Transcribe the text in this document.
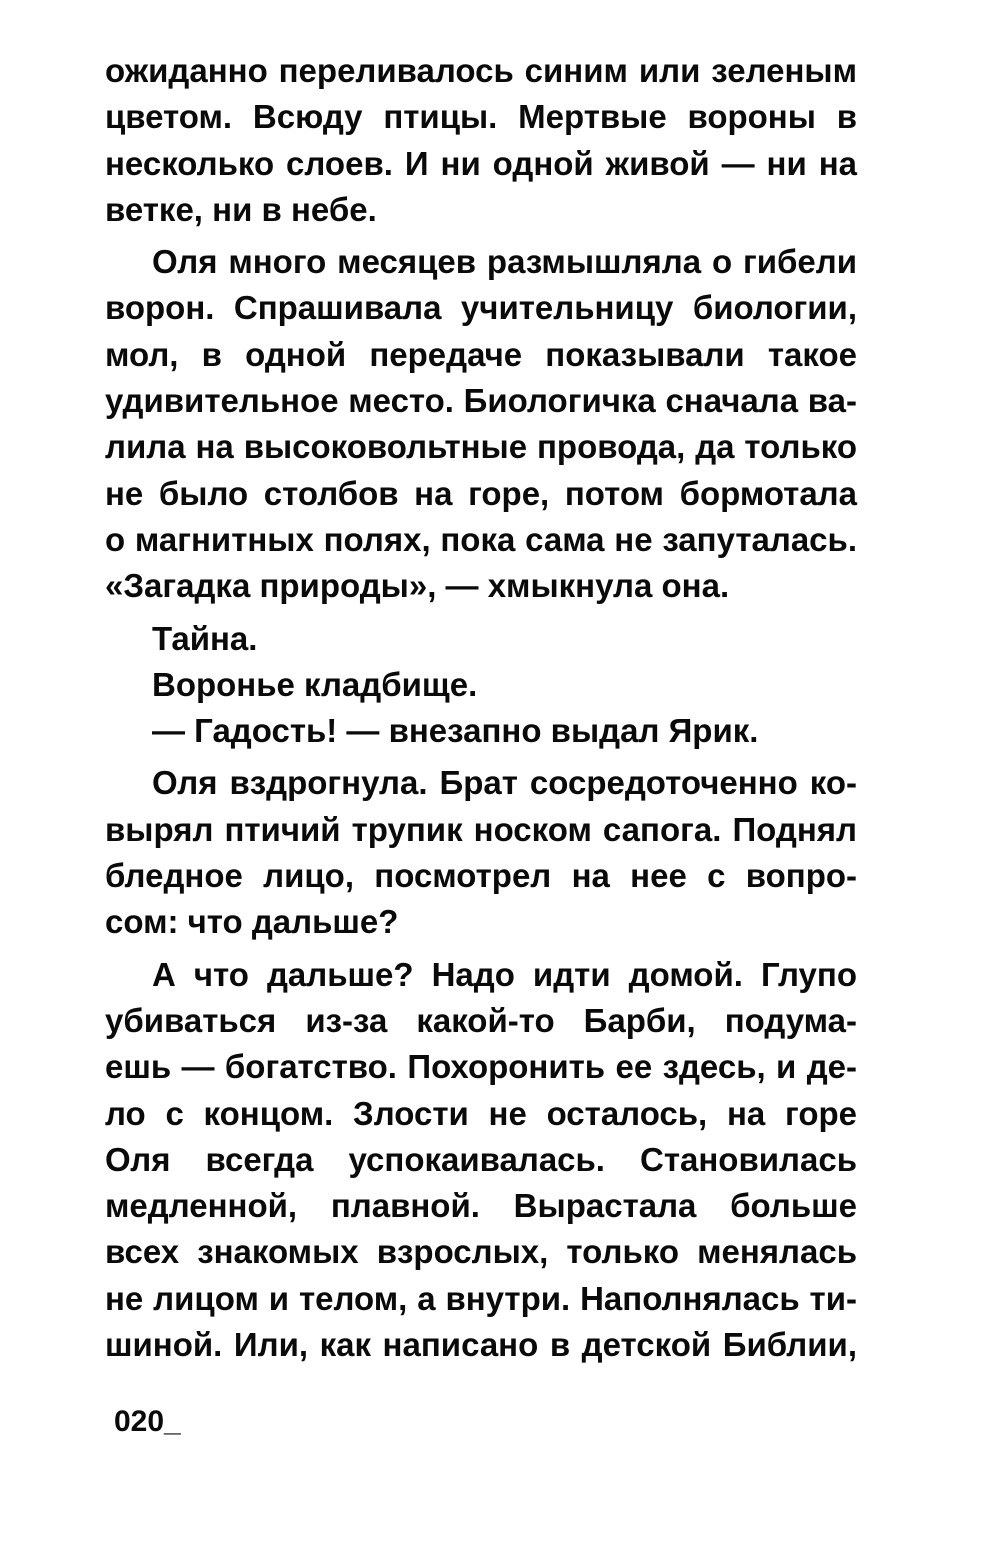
ожиданно переливалось синим или зеленым
цветом. Всюду птицы. Мертвые вороны в
несколько слоев. И ни одной живой — ни на
ветке, ни в небе.
Оля много месяцев размышляла о гибели
ворон. Спрашивала учительницу биологии,
мол, в одной передаче показывали такое
удивительное место. Биологичка сначала ва-
лила на высоковольтные провода, да только
не было столбов на горе, потом бормотала
о магнитных полях, пока сама не запуталась.
«Загадка природы», — хмыкнула она.
Тайна.
Воронье кладбище.
— Гадость! — внезапно выдал Ярик.
Оля вздрогнула. Брат сосредоточенно ко-
вырял птичий трупик носком сапога. Поднял
бледное лицо, посмотрел на нее с вопро-
сом: что дальше?
А что дальше? Надо идти домой. Глупо
убиваться из-за какой-то Барби, подума-
ешь — богатство. Похоронить ее здесь, и де-
ло с концом. Злости не осталось, на горе
Оля всегда успокаивалась. Становилась
медленной, плавной. Вырастала больше
всех знакомых взрослых, только менялась
не лицом и телом, а внутри. Наполнялась ти-
шиной. Или, как написано в детской Библии,
020_
